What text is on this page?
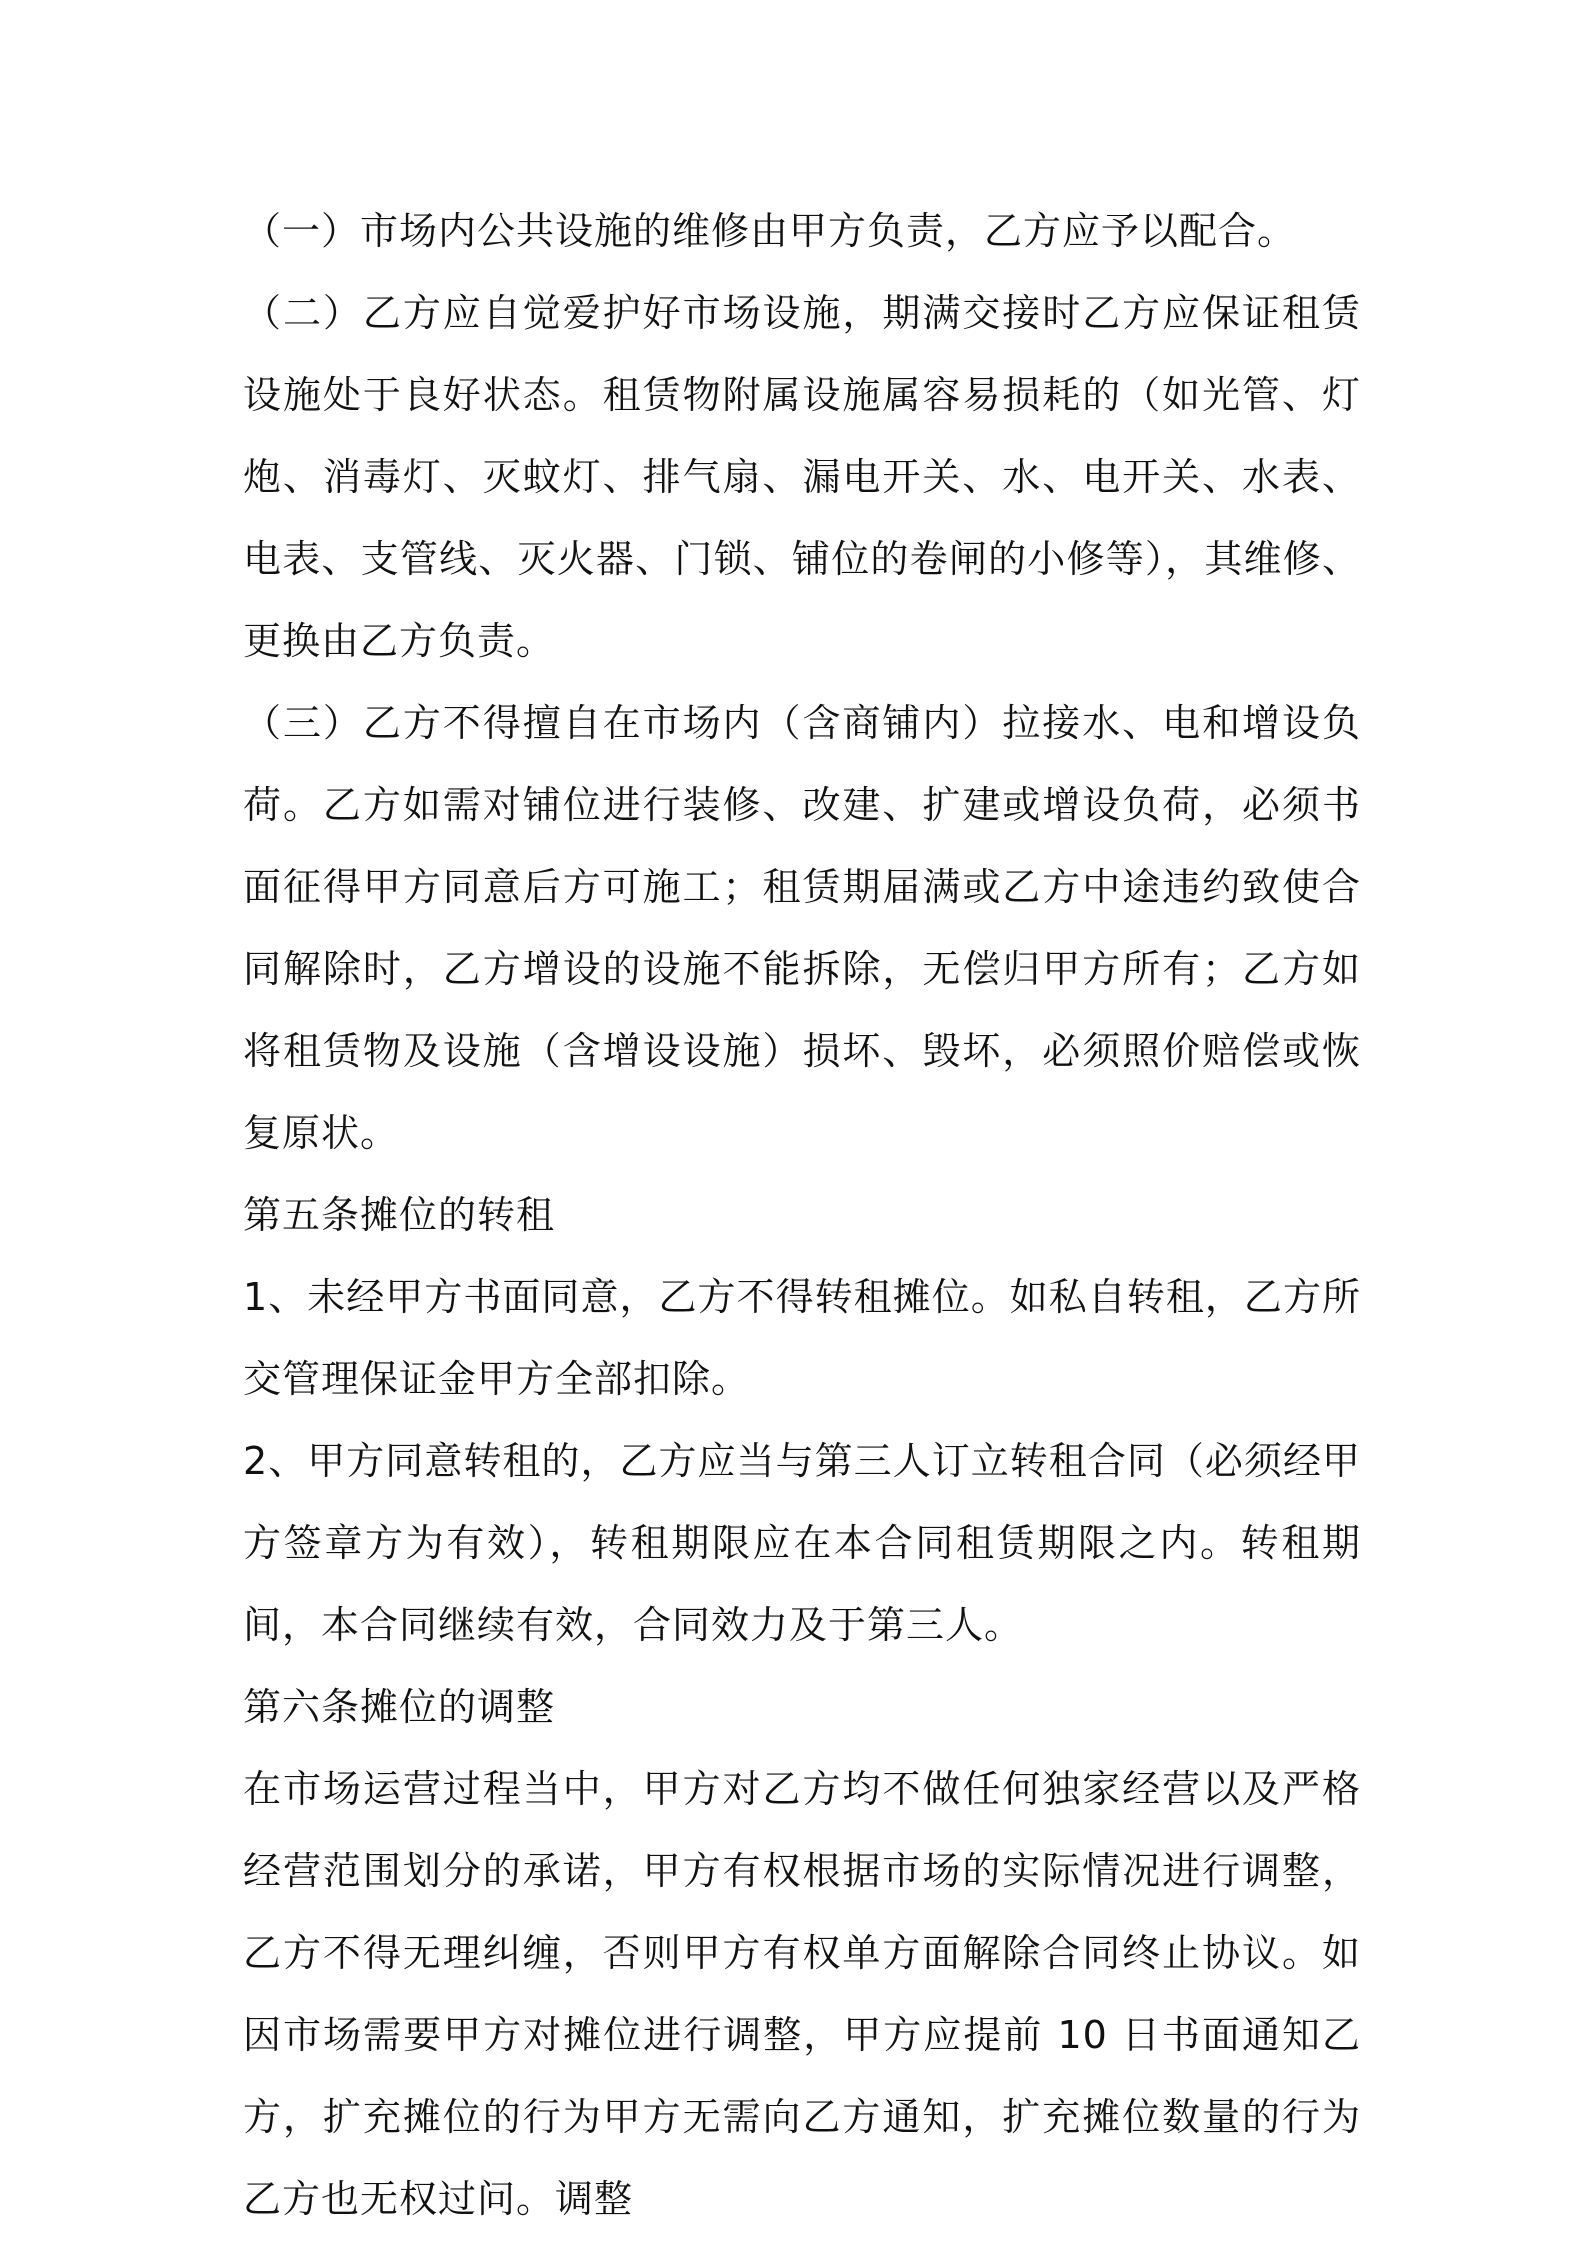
（一）市场内公共设施的维修由甲方负责，乙方应予以配合。

（二）乙方应自觉爱护好市场设施，期满交接时乙方应保证租赁设施处于良好状态。租赁物附属设施属容易损耗的（如光管、灯炮、消毒灯、灭蚊灯、排气扇、漏电开关、水、电开关、水表、电表、支管线、灭火器、门锁、铺位的卷闸的小修等），其维修、更换由乙方负责。

（三）乙方不得擅自在市场内（含商铺内）拉接水、电和增设负荷。乙方如需对铺位进行装修、改建、扩建或增设负荷，必须书面征得甲方同意后方可施工；租赁期届满或乙方中途违约致使合同解除时，乙方增设的设施不能拆除，无偿归甲方所有；乙方如将租赁物及设施（含增设设施）损坏、毁坏，必须照价赔偿或恢复原状。

第五条摊位的转租

1、未经甲方书面同意，乙方不得转租摊位。如私自转租，乙方所交管理保证金甲方全部扣除。

2、甲方同意转租的，乙方应当与第三人订立转租合同（必须经甲方签章方为有效），转租期限应在本合同租赁期限之内。转租期间，本合同继续有效，合同效力及于第三人。

第六条摊位的调整

在市场运营过程当中，甲方对乙方均不做任何独家经营以及严格经营范围划分的承诺，甲方有权根据市场的实际情况进行调整，乙方不得无理纠缠，否则甲方有权单方面解除合同终止协议。如因市场需要甲方对摊位进行调整，甲方应提前 10 日书面通知乙方，扩充摊位的行为甲方无需向乙方通知，扩充摊位数量的行为乙方也无权过问。调整
